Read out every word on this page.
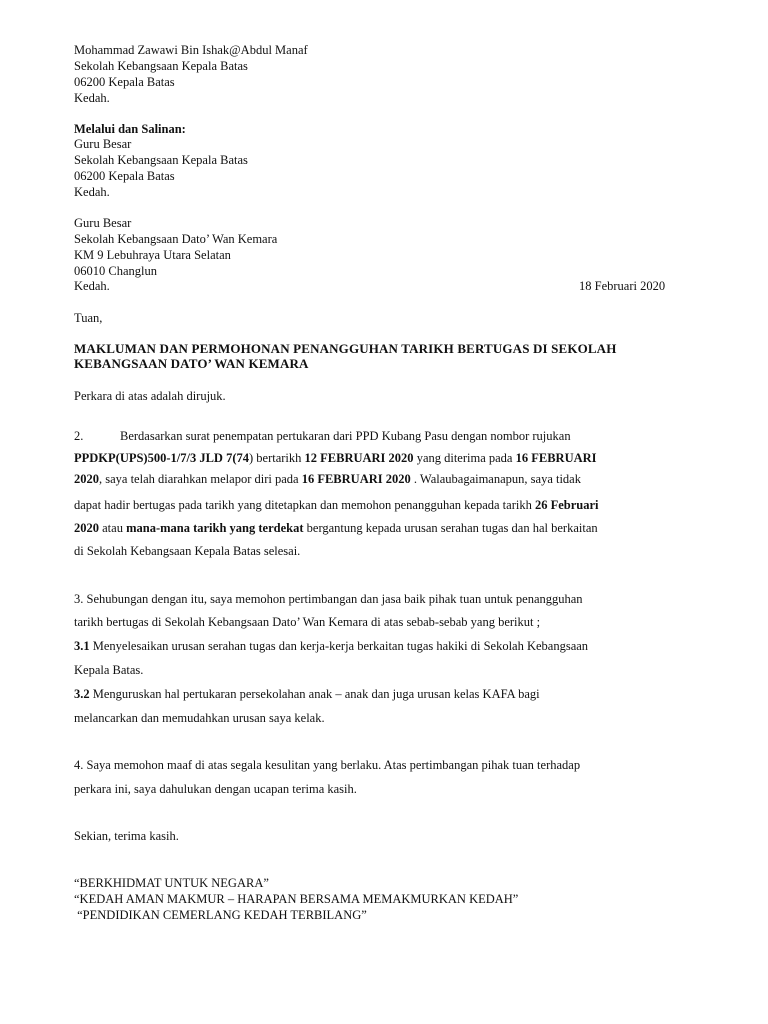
Mohammad Zawawi Bin Ishak@Abdul Manaf
Sekolah Kebangsaan Kepala Batas
06200 Kepala Batas
Kedah.
Melalui dan Salinan:
Guru Besar
Sekolah Kebangsaan Kepala Batas
06200 Kepala Batas
Kedah.
Guru Besar
Sekolah Kebangsaan Dato’ Wan Kemara
KM 9 Lebuhraya Utara Selatan
06010 Changlun
Kedah.	18 Februari 2020
Tuan,
MAKLUMAN DAN PERMOHONAN PENANGGUHAN TARIKH BERTUGAS DI SEKOLAH
KEBANGSAAN DATO’ WAN KEMARA
Perkara di atas adalah dirujuk.
2.	Berdasarkan surat penempatan pertukaran dari PPD Kubang Pasu dengan nombor rujukan
PPDKP(UPS)500-1/7/3 JLD 7(74) bertarikh 12 FEBRUARI 2020 yang diterima pada 16 FEBRUARI
2020, saya telah diarahkan melapor diri pada 16 FEBRUARI 2020 . Walaubagaimanapun, saya tidak
dapat hadir bertugas pada tarikh yang ditetapkan dan memohon penangguhan kepada tarikh 26 Februari
2020 atau mana-mana tarikh yang terdekat bergantung kepada urusan serahan tugas dan hal berkaitan
di Sekolah Kebangsaan Kepala Batas selesai.
3. Sehubungan dengan itu, saya memohon pertimbangan dan jasa baik pihak tuan untuk penangguhan
tarikh bertugas di Sekolah Kebangsaan Dato’ Wan Kemara di atas sebab-sebab yang berikut ;
3.1 Menyelesaikan urusan serahan tugas dan kerja-kerja berkaitan tugas hakiki di Sekolah Kebangsaan
Kepala Batas.
3.2 Menguruskan hal pertukaran persekolahan anak – anak dan juga urusan kelas KAFA bagi
melancarkan dan memudahkan urusan saya kelak.
4. Saya memohon maaf di atas segala kesulitan yang berlaku. Atas pertimbangan pihak tuan terhadap
perkara ini, saya dahulukan dengan ucapan terima kasih.
Sekian, terima kasih.
“BERKHIDMAT UNTUK NEGARA”
“KEDAH AMAN MAKMUR – HARAPAN BERSAMA MEMAKMURKAN KEDAH”
“PENDIDIKAN CEMERLANG KEDAH TERBILANG”
